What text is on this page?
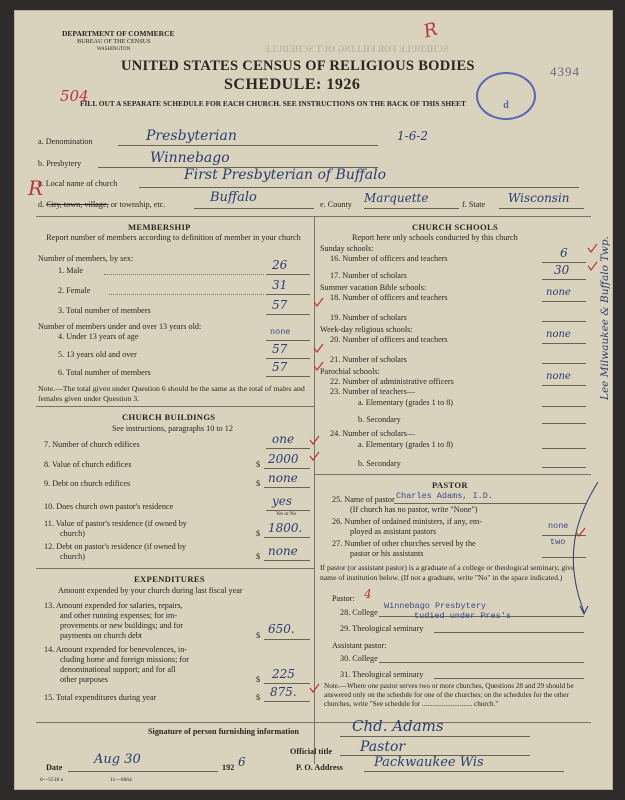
SCHEDULE FOR FILLING OUT SCHEDULE
DEPARTMENT OF COMMERCE
BUREAU OF THE CENSUS
WASHINGTON
UNITED STATES CENSUS OF RELIGIOUS BODIES
SCHEDULE: 1926
FILL OUT A SEPARATE SCHEDULE FOR EACH CHURCH. SEE INSTRUCTIONS ON THE BACK OF THIS SHEET
4394
504
R
R
d
a. Denomination	Presbyterian	1-6-2
b. Presbytery	Winnebago
c. Local name of church
First Presbyterian of Buffalo
d. City, town, village, or township, etc.	Buffalo	e. County Marquette	f. State Wisconsin
MEMBERSHIP
Report number of members according to definition of member in your church
Number of members, by sex:
1. Male	26
2. Female	31
3. Total number of members	57
Number of members under and over 13 years old:
4. Under 13 years of age	none
5. 13 years old and over	57
6. Total number of members	57
Note.—The total given under Question 6 should be the same as the total of males and females given under Question 3.
CHURCH BUILDINGS
See instructions, paragraphs 10 to 12
7. Number of church edifices	one
8. Value of church edifices	$ 2000
9. Debt on church edifices	$ none
10. Does church own pastor's residence	yes
Yes or No
11. Value of pastor's residence (if owned by
church)	$ 1800.
12. Debt on pastor's residence (if owned by
church)	$ none
EXPENDITURES
Amount expended by your church during last fiscal year
13. Amount expended for salaries, repairs,
and other running expenses; for im-
provements or new buildings; and for
payments on church debt	$ 650.
14. Amount expended for benevolences, in-
cluding home and foreign missions; for
denominational support; and for all
other purposes	$ 225
15. Total expenditures during year	$ 875.
CHURCH SCHOOLS
Report here only schools conducted by this church
Sunday schools:
16. Number of officers and teachers	6
17. Number of scholars	30
Summer vacation Bible schools:
18. Number of officers and teachers	none
19. Number of scholars
Week-day religious schools:
20. Number of officers and teachers	none
21. Number of scholars
Parochial schools:
22. Number of administrative officers	none
23. Number of teachers—
a. Elementary (grades 1 to 8)
b. Secondary
24. Number of scholars—
a. Elementary (grades 1 to 8)
b. Secondary
PASTOR
25. Name of pastor Charles Adams, I.D.
(If church has no pastor, write "None")
26. Number of ordained ministers, if any, em-
ployed as assistant pastors
none
27. Number of other churches served by the
pastor or his assistants
two
If pastor (or assistant pastor) is a graduate of a college or theological seminary, give name of institution below. (If not a graduate, write "No" in the space indicated.)
Pastor: 4
28. College
Winnebago Presbytery
29. Theological seminary
tudied under Pres's
Assistant pastor:
30. College
31. Theological seminary
Note.—Where one pastor serves two or more churches, Questions 28 and 29 should be answered only on the schedule for one of the churches; on the schedules for the other churches, write "See schedule for ............................ church."
Lee Milwaukee & Buffalo Twp.
Signature of person furnishing information	Chd. Adams
Official title Pastor
Date
Aug 30
192 6	P. O. Address Packwaukee Wis
6—5518 a	11—6664
